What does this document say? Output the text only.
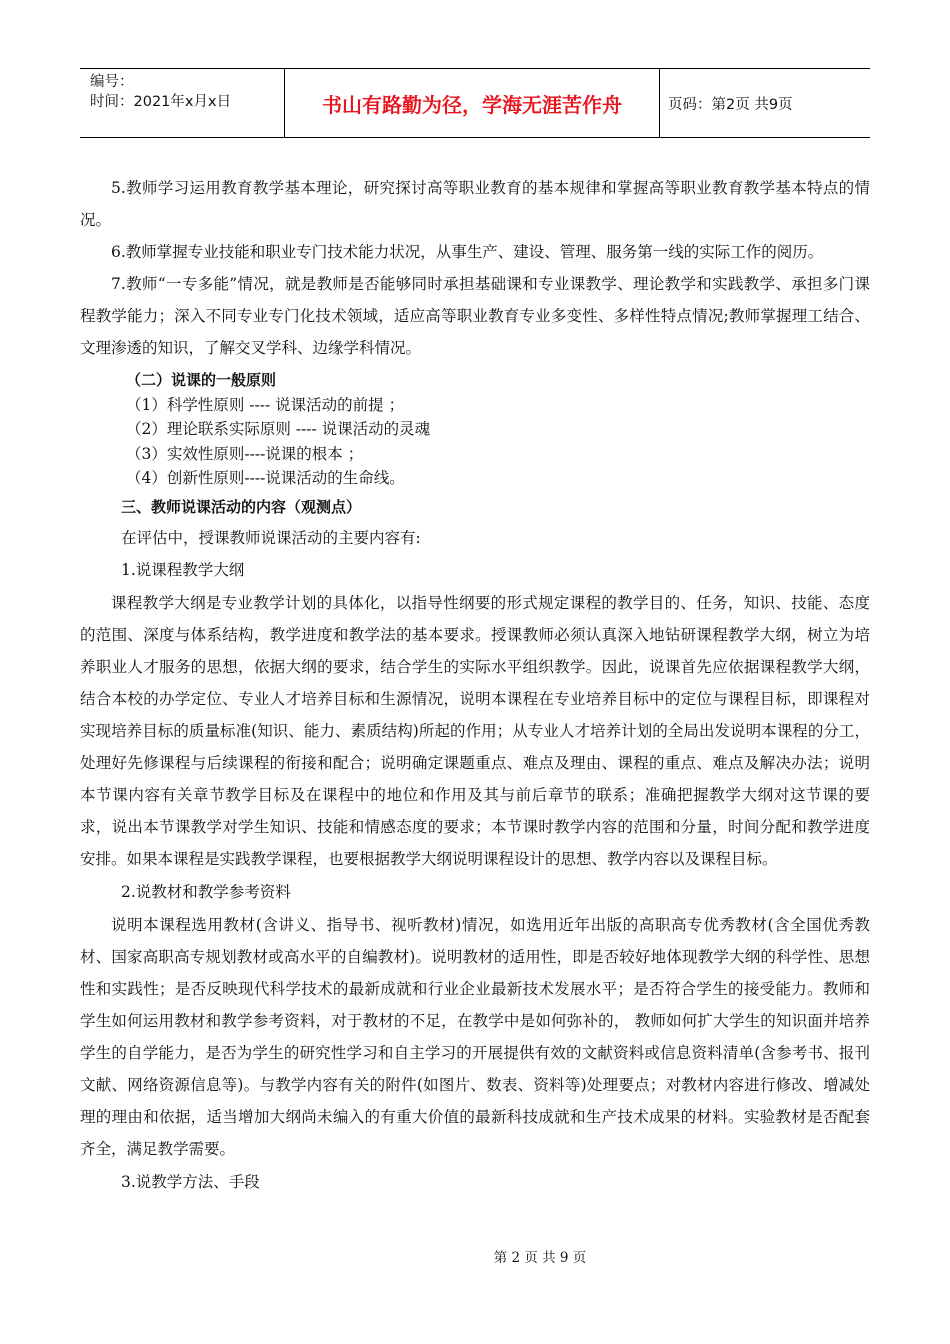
编号：
时间：2021年x月x日	书山有路勤为径，学海无涯苦作舟	页码：第2页 共9页

5.教师学习运用教育教学基本理论，研究探讨高等职业教育的基本规律和掌握高等职业教育教学基本特点的情况。

6.教师掌握专业技能和职业专门技术能力状况，从事生产、建设、管理、服务第一线的实际工作的阅历。

7.教师“一专多能”情况，就是教师是否能够同时承担基础课和专业课教学、理论教学和实践教学、承担多门课程教学能力；深入不同专业专门化技术领域，适应高等职业教育专业多变性、多样性特点情况;教师掌握理工结合、文理渗透的知识，了解交叉学科、边缘学科情况。

（二）说课的一般原则
（1）科学性原则 ---- 说课活动的前提 ；
（2）理论联系实际原则 ---- 说课活动的灵魂
（3）实效性原则----说课的根本 ；
（4）创新性原则----说课活动的生命线。
三、教师说课活动的内容（观测点）
在评估中，授课教师说课活动的主要内容有:
1.说课程教学大纲

课程教学大纲是专业教学计划的具体化，以指导性纲要的形式规定课程的教学目的、任务，知识、技能、态度的范围、深度与体系结构，教学进度和教学法的基本要求。授课教师必须认真深入地钻研课程教学大纲，树立为培养职业人才服务的思想，依据大纲的要求，结合学生的实际水平组织教学。因此，说课首先应依据课程教学大纲，结合本校的办学定位、专业人才培养目标和生源情况，说明本课程在专业培养目标中的定位与课程目标，即课程对实现培养目标的质量标准(知识、能力、素质结构)所起的作用；从专业人才培养计划的全局出发说明本课程的分工，处理好先修课程与后续课程的衔接和配合；说明确定课题重点、难点及理由、课程的重点、难点及解决办法；说明本节课内容有关章节教学目标及在课程中的地位和作用及其与前后章节的联系；准确把握教学大纲对这节课的要求，说出本节课教学对学生知识、技能和情感态度的要求；本节课时教学内容的范围和分量，时间分配和教学进度安排。如果本课程是实践教学课程，也要根据教学大纲说明课程设计的思想、教学内容以及课程目标。

2.说教材和教学参考资料

说明本课程选用教材(含讲义、指导书、视听教材)情况，如选用近年出版的高职高专优秀教材(含全国优秀教材、国家高职高专规划教材或高水平的自编教材)。说明教材的适用性，即是否较好地体现教学大纲的科学性、思想性和实践性；是否反映现代科学技术的最新成就和行业企业最新技术发展水平；是否符合学生的接受能力。教师和学生如何运用教材和教学参考资料，对于教材的不足，在教学中是如何弥补的， 教师如何扩大学生的知识面并培养学生的自学能力，是否为学生的研究性学习和自主学习的开展提供有效的文献资料或信息资料清单(含参考书、报刊文献、网络资源信息等)。与教学内容有关的附件(如图片、数表、资料等)处理要点；对教材内容进行修改、增减处理的理由和依据，适当增加大纲尚未编入的有重大价值的最新科技成就和生产技术成果的材料。实验教材是否配套齐全，满足教学需要。

3.说教学方法、手段
第 2 页 共 9 页
